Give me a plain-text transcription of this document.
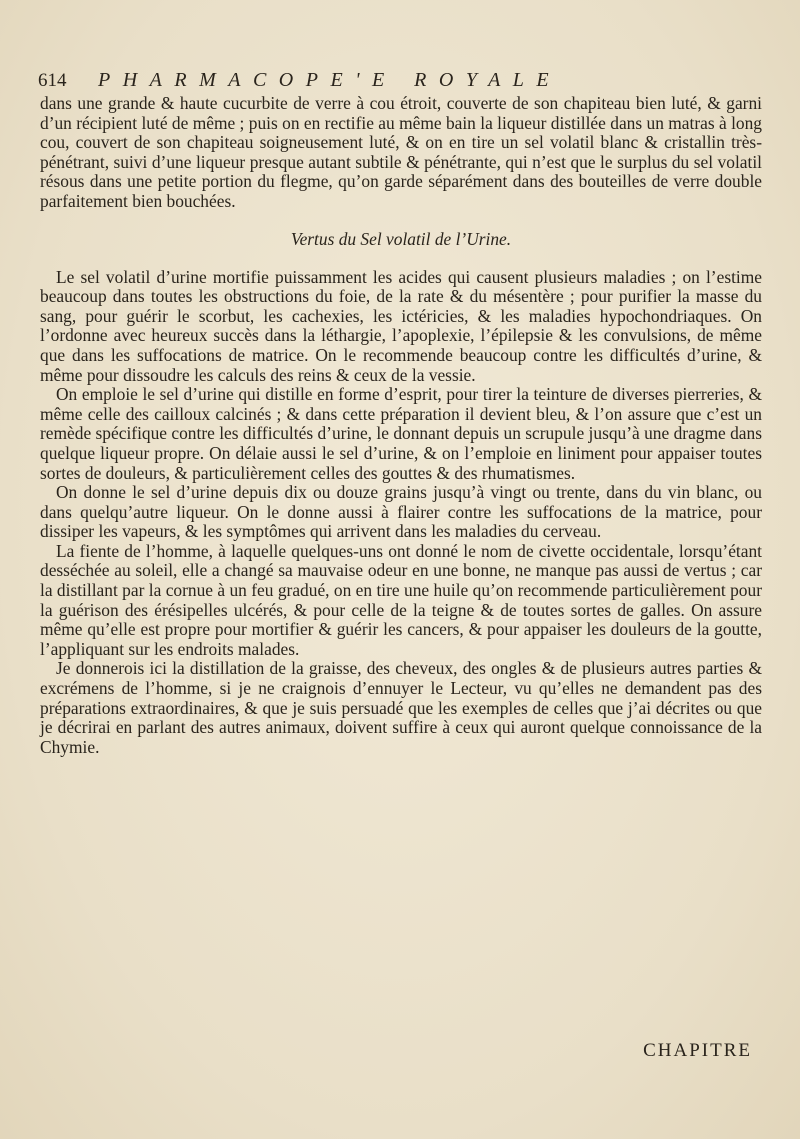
614 PHARMACOPE'E ROYALE

dans une grande & haute cucurbite de verre à cou étroit, couverte de son chapiteau bien luté, & garni d’un récipient luté de même ; puis on en rectifie au même bain la liqueur distillée dans un matras à long cou, couvert de son chapiteau soigneusement luté, & on en tire un sel volatil blanc & cristallin très-pénétrant, suivi d’une liqueur presque autant subtile & pénétrante, qui n’est que le surplus du sel volatil résous dans une petite portion du flegme, qu’on garde séparément dans des bouteilles de verre double parfaitement bien bouchées.

Vertus du Sel volatil de l’Urine.

Le sel volatil d’urine mortifie puissamment les acides qui causent plusieurs maladies ; on l’estime beaucoup dans toutes les obstructions du foie, de la rate & du mésentère ; pour purifier la masse du sang, pour guérir le scorbut, les cachexies, les ictéricies, & les maladies hypochondriaques. On l’ordonne avec heureux succès dans la léthargie, l’apoplexie, l’épilepsie & les convulsions, de même que dans les suffocations de matrice. On le recommende beaucoup contre les difficultés d’urine, & même pour dissoudre les calculs des reins & ceux de la vessie.

On emploie le sel d’urine qui distille en forme d’esprit, pour tirer la teinture de diverses pierreries, & même celle des cailloux calcinés ; & dans cette préparation il devient bleu, & l’on assure que c’est un remède spécifique contre les difficultés d’urine, le donnant depuis un scrupule jusqu’à une dragme dans quelque liqueur propre. On délaie aussi le sel d’urine, & on l’emploie en liniment pour appaiser toutes sortes de douleurs, & particulièrement celles des gouttes & des rhumatismes.

On donne le sel d’urine depuis dix ou douze grains jusqu’à vingt ou trente, dans du vin blanc, ou dans quelqu’autre liqueur. On le donne aussi à flairer contre les suffocations de la matrice, pour dissiper les vapeurs, & les symptômes qui arrivent dans les maladies du cerveau.

La fiente de l’homme, à laquelle quelques-uns ont donné le nom de civette occidentale, lorsqu’étant desséchée au soleil, elle a changé sa mauvaise odeur en une bonne, ne manque pas aussi de vertus ; car la distillant par la cornue à un feu gradué, on en tire une huile qu’on recommende particulièrement pour la guérison des érésipelles ulcérés, & pour celle de la teigne & de toutes sortes de galles. On assure même qu’elle est propre pour mortifier & guérir les cancers, & pour appaiser les douleurs de la goutte, l’appliquant sur les endroits malades.

Je donnerois ici la distillation de la graisse, des cheveux, des ongles & de plusieurs autres parties & excrémens de l’homme, si je ne craignois d’ennuyer le Lecteur, vu qu’elles ne demandent pas des préparations extraordinaires, & que je suis persuadé que les exemples de celles que j’ai décrites ou que je décrirai en parlant des autres animaux, doivent suffire à ceux qui auront quelque connoissance de la Chymie.

CHAPITRE
